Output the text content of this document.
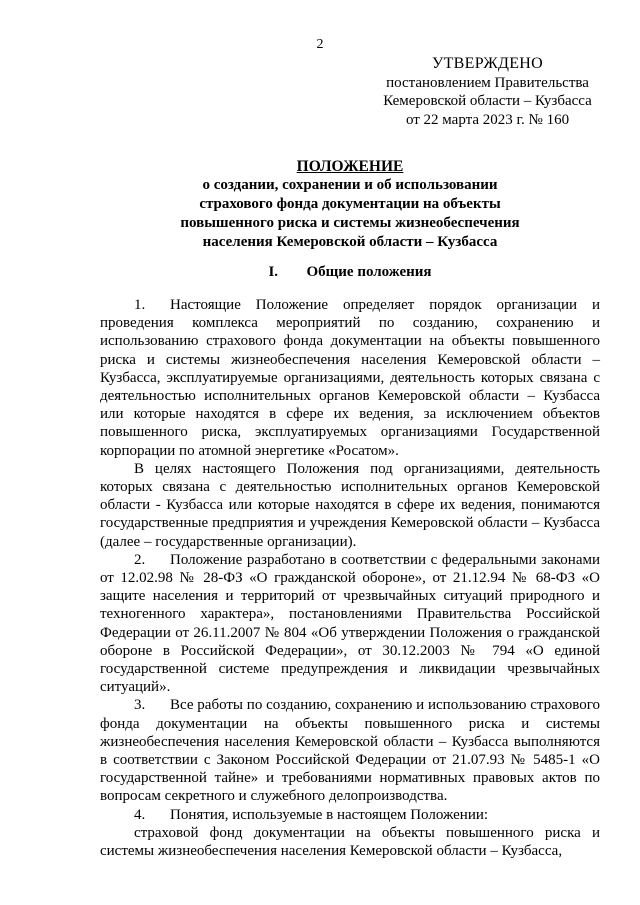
2
УТВЕРЖДЕНО
постановлением Правительства
Кемеровской области – Кузбасса
от 22 марта 2023 г. № 160
ПОЛОЖЕНИЕ
о создании, сохранении и об использовании
страхового фонда документации на объекты
повышенного риска и системы жизнеобеспечения
населения Кемеровской области – Кузбасса
I. Общие положения

1. Настоящие Положение определяет порядок организации и проведения комплекса мероприятий по созданию, сохранению и использованию страхового фонда документации на объекты повышенного риска и системы жизнеобеспечения населения Кемеровской области – Кузбасса, эксплуатируемые организациями, деятельность которых связана с деятельностью исполнительных органов Кемеровской области – Кузбасса или которые находятся в сфере их ведения, за исключением объектов повышенного риска, эксплуатируемых организациями Государственной корпорации по атомной энергетике «Росатом».

В целях настоящего Положения под организациями, деятельность которых связана с деятельностью исполнительных органов Кемеровской области - Кузбасса или которые находятся в сфере их ведения, понимаются государственные предприятия и учреждения Кемеровской области – Кузбасса (далее – государственные организации).

2. Положение разработано в соответствии с федеральными законами от 12.02.98 № 28-ФЗ «О гражданской обороне», от 21.12.94 № 68-ФЗ «О защите населения и территорий от чрезвычайных ситуаций природного и техногенного характера», постановлениями Правительства Российской Федерации от 26.11.2007 № 804 «Об утверждении Положения о гражданской обороне в Российской Федерации», от 30.12.2003 № 794 «О единой государственной системе предупреждения и ликвидации чрезвычайных ситуаций».

3. Все работы по созданию, сохранению и использованию страхового фонда документации на объекты повышенного риска и системы жизнеобеспечения населения Кемеровской области – Кузбасса выполняются в соответствии с Законом Российской Федерации от 21.07.93 № 5485-1 «О государственной тайне» и требованиями нормативных правовых актов по вопросам секретного и служебного делопроизводства.

4. Понятия, используемые в настоящем Положении:

страховой фонд документации на объекты повышенного риска и системы жизнеобеспечения населения Кемеровской области – Кузбасса,
